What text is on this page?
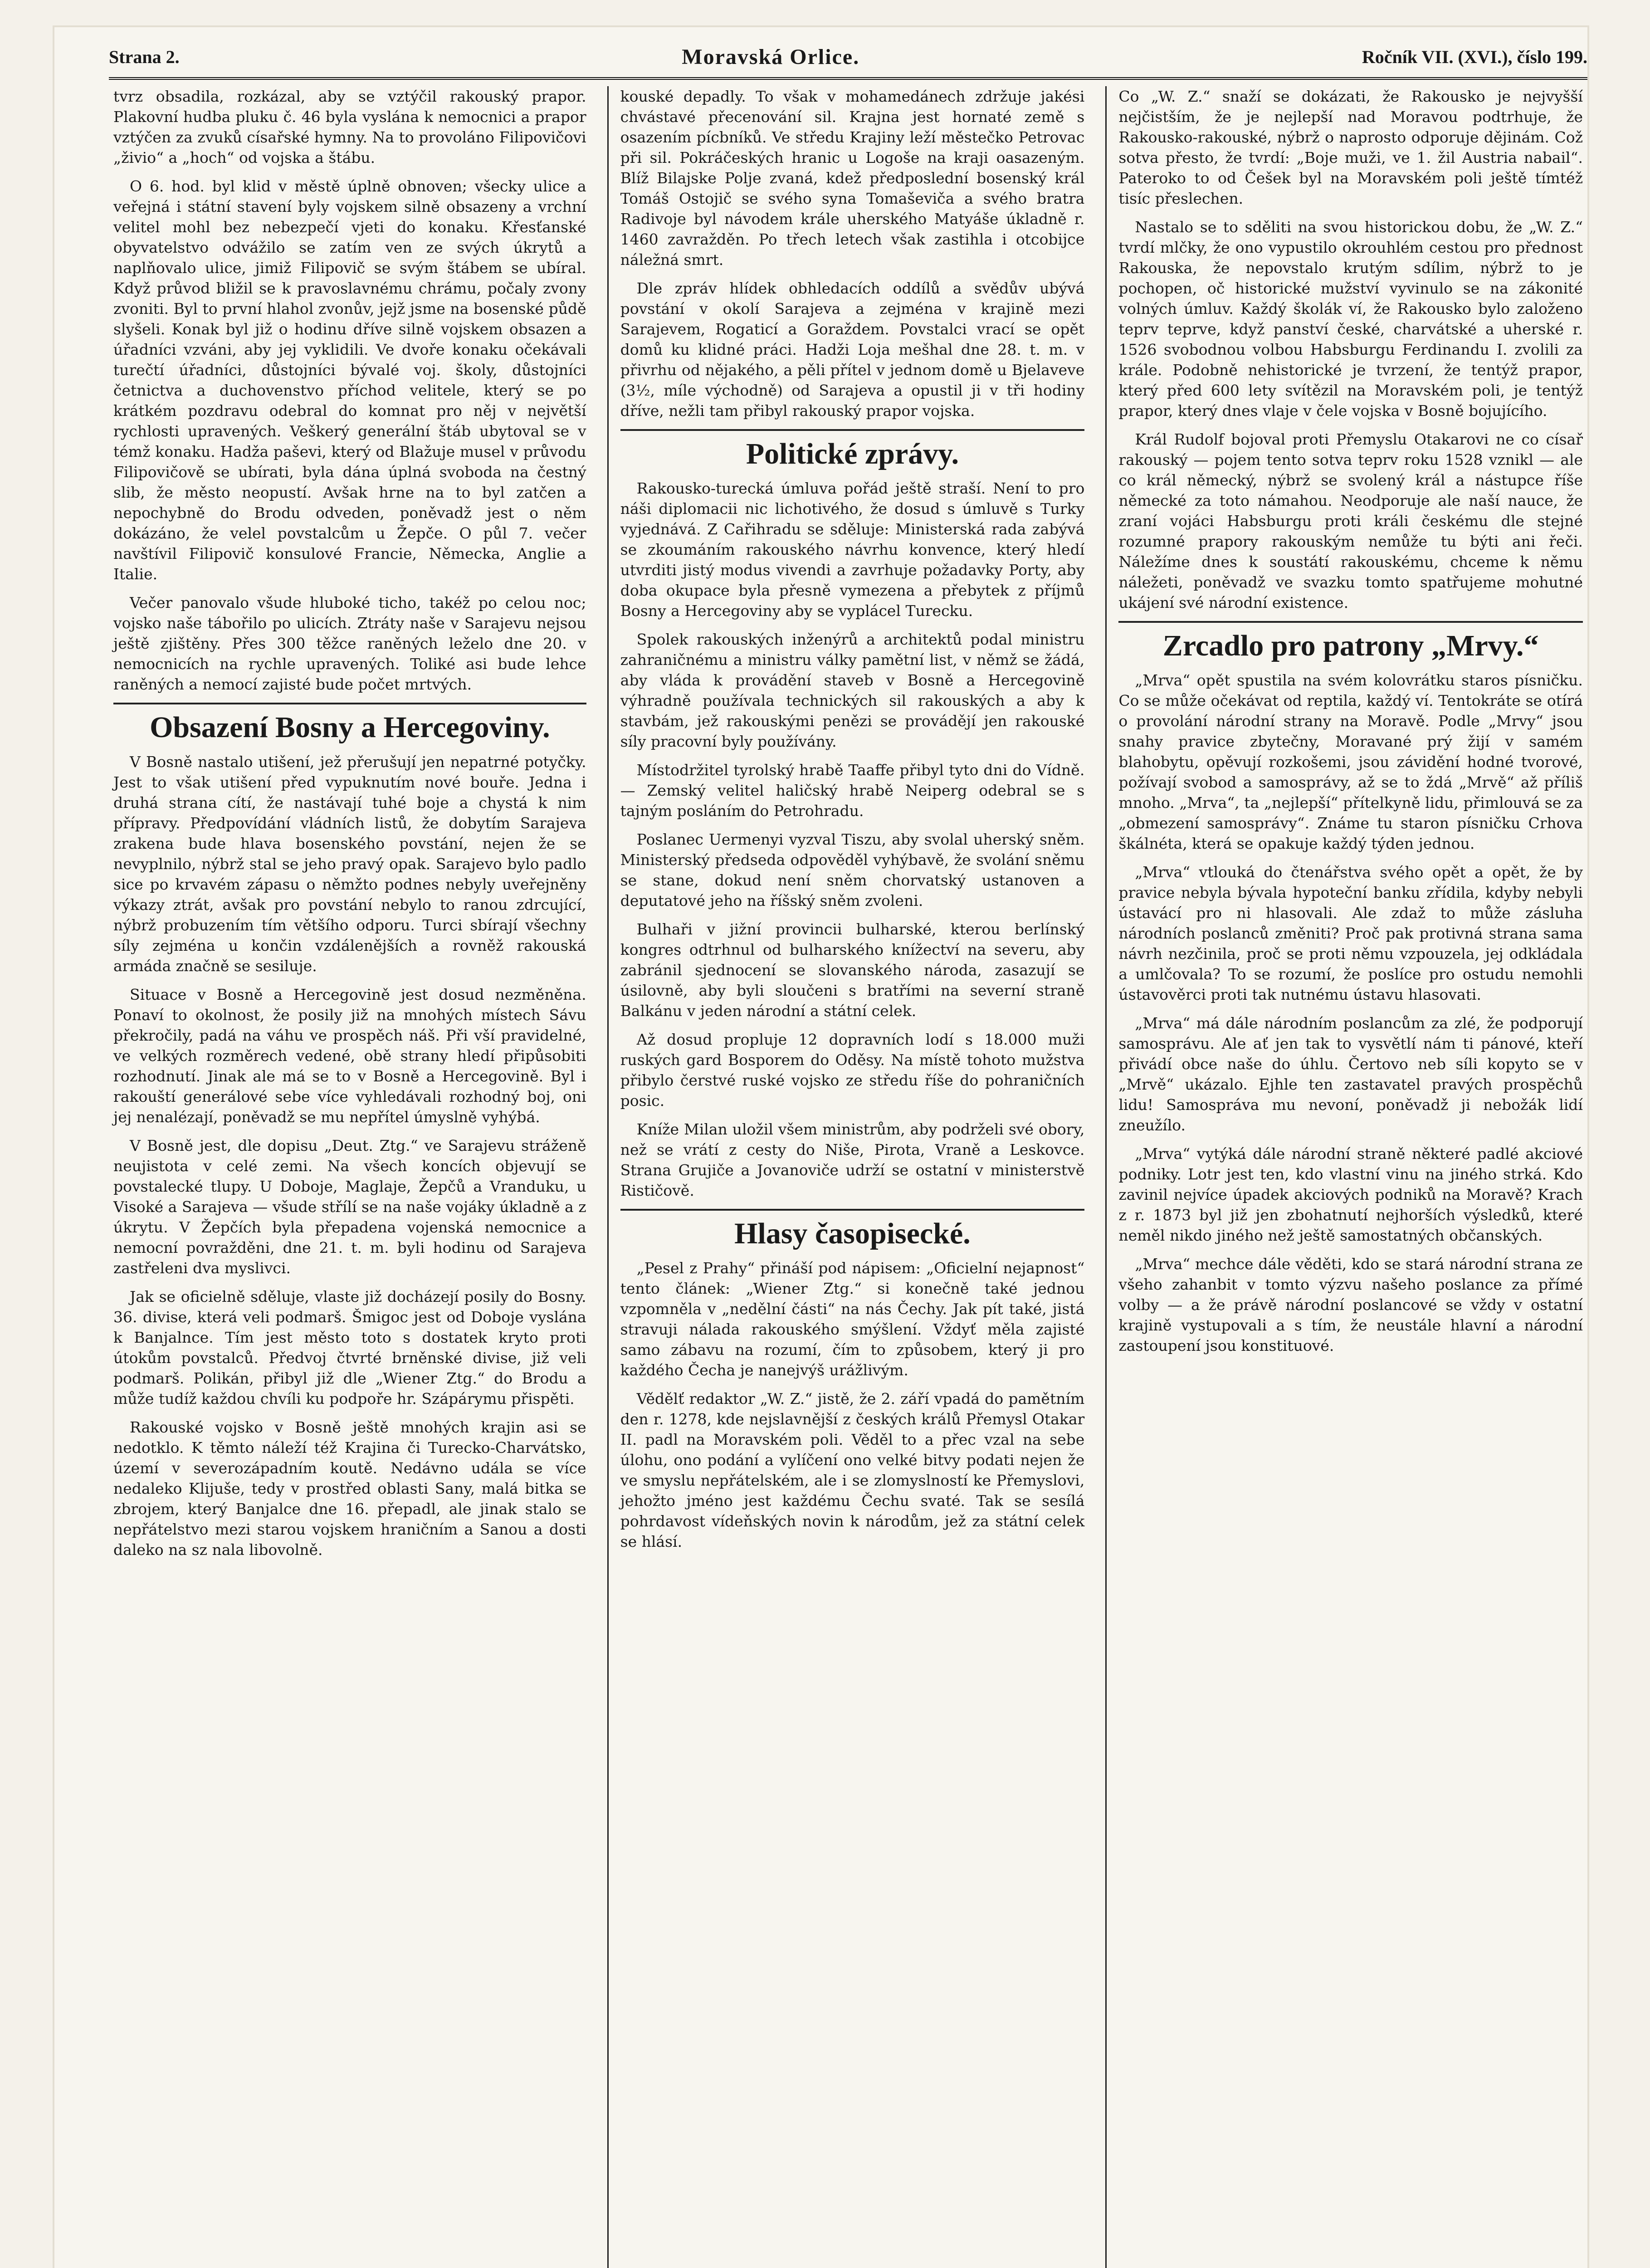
Strana 2.	Moravská Orlice.	Ročník VII. (XVI.), číslo 199.

tvrz obsadila, rozkázal, aby se vztýčil rakouský prapor. Plakovní hudba pluku č. 46 byla vyslána k nemocnici a prapor vztýčen za zvuků císařské hymny. Na to provoláno Filipovičovi „živio“ a „hoch“ od vojska a štábu.

O 6. hod. byl klid v městě úplně obnoven; všecky ulice a veřejná i státní stavení byly vojskem silně obsazeny a vrchní velitel mohl bez nebezpečí vjeti do konaku. Křesťanské obyvatelstvo odvážilo se zatím ven ze svých úkrytů a naplňovalo ulice, jimiž Filipovič se svým štábem se ubíral. Když průvod bližil se k pravoslavnému chrámu, počaly zvony zvoniti. Byl to první hlahol zvonův, jejž jsme na bosenské půdě slyšeli. Konak byl již o hodinu dříve silně vojskem obsazen a úřadníci vzváni, aby jej vyklidili. Ve dvoře konaku očekávali turečtí úřadníci, důstojníci bývalé voj. školy, důstojníci četnictva a duchovenstvo příchod velitele, který se po krátkém pozdravu odebral do komnat pro něj v největší rychlosti upravených. Veškerý generální štáb ubytoval se v témž konaku. Hadža paševi, který od Blažuje musel v průvodu Filipovičově se ubírati, byla dána úplná svoboda na čestný slib, že město neopustí. Avšak hrne na to byl zatčen a nepochybně do Brodu odveden, poněvadž jest o něm dokázáno, že velel povstalcům u Žepče. O půl 7. večer navštívil Filipovič konsulové Francie, Německa, Anglie a Italie.

Večer panovalo všude hluboké ticho, takéž po celou noc; vojsko naše tábořilo po ulicích. Ztráty naše v Sarajevu nejsou ještě zjištěny. Přes 300 těžce raněných leželo dne 20. v nemocnicích na rychle upravených. Toliké asi bude lehce raněných a nemocí zajisté bude počet mrtvých.

Obsazení Bosny a Hercegoviny.

V Bosně nastalo utišení, jež přerušují jen nepatrné potyčky. Jest to však utišení před vypuknutím nové bouře. Jedna i druhá strana cítí, že nastávají tuhé boje a chystá k nim přípravy. Předpovídání vládních listů, že dobytím Sarajeva zrakena bude hlava bosenského povstání, nejen že se nevyplnilo, nýbrž stal se jeho pravý opak. Sarajevo bylo padlo sice po krvavém zápasu o němžto podnes nebyly uveřejněny výkazy ztrát, avšak pro povstání nebylo to ranou zdrcující, nýbrž probuzením tím většího odporu. Turci sbírají všechny síly zejména u končin vzdálenějších a rovněž rakouská armáda značně se sesiluje.

Situace v Bosně a Hercegovině jest dosud nezměněna. Ponaví to okolnost, že posily již na mnohých místech Sávu překročily, padá na váhu ve prospěch náš. Při vší pravidelné, ve velkých rozměrech vedené, obě strany hledí připůsobiti rozhodnutí. Jinak ale má se to v Bosně a Hercegovině. Byl i rakouští generálové sebe více vyhledávali rozhodný boj, oni jej nenalézají, poněvadž se mu nepřítel úmyslně vyhýbá.

V Bosně jest, dle dopisu „Deut. Ztg.“ ve Sarajevu stráženě neujistota v celé zemi. Na všech koncích objevují se povstalecké tlupy. U Doboje, Maglaje, Žepčů a Vranduku, u Visoké a Sarajeva — všude střílí se na naše vojáky úkladně a z úkrytu. V Žepčích byla přepadena vojenská nemocnice a nemocní povražděni, dne 21. t. m. byli hodinu od Sarajeva zastřeleni dva myslivci.

Jak se oficielně sděluje, vlaste již docházejí posily do Bosny. 36. divise, která veli podmarš. Šmigoc jest od Doboje vyslána k Banjalnce. Tím jest město toto s dostatek kryto proti útokům povstalců. Předvoj čtvrté brněnské divise, již veli podmarš. Polikán, přibyl již dle „Wiener Ztg.“ do Brodu a může tudíž každou chvíli ku podpoře hr. Szápárymu přispěti.

Rakouské vojsko v Bosně ještě mnohých krajin asi se nedotklo. K těmto náleží též Krajina či Turecko-Charvátsko, území v severozápadním koutě. Nedávno udála se více nedaleko Klijuše, tedy v prostřed oblasti Sany, malá bitka se zbrojem, který Banjalce dne 16. přepadl, ale jinak stalo se nepřátelstvo mezi starou vojskem hraničním a Sanou a dosti daleko na sz nala libovolně.

kouské depadly. To však v mohamedánech zdržuje jakési chvástavé přecenování sil. Krajna jest hornaté země s osazením pícbníků. Ve středu Krajiny leží městečko Petrovac při sil. Pokráčeských hranic u Logoše na kraji oasazeným. Blíž Bilajske Polje zvaná, kdež předposlední bosenský král Tomáš Ostojič se svého syna Tomaševiča a svého bratra Radivoje byl návodem krále uherského Matyáše úkladně r. 1460 zavražděn. Po třech letech však zastihla i otcobijce náležná smrt.

Dle zpráv hlídek obhledacích oddílů a svědův ubývá povstání v okolí Sarajeva a zejména v krajině mezi Sarajevem, Rogaticí a Goraždem. Povstalci vrací se opět domů ku klidné práci. Hadži Loja mešhal dne 28. t. m. v přivrhu od nějakého, a pěli přítel v jednom domě u Bjelaveve (3½, míle východně) od Sarajeva a opustil ji v tři hodiny dříve, nežli tam přibyl rakouský prapor vojska.

Politické zprávy.

Rakousko-turecká úmluva pořád ještě straší. Není to pro náši diplomacii nic lichotivého, že dosud s úmluvě s Turky vyjednává. Z Cařihradu se sděluje: Ministerská rada zabývá se zkoumáním rakouského návrhu konvence, který hledí utvrditi jistý modus vivendi a zavrhuje požadavky Porty, aby doba okupace byla přesně vymezena a přebytek z příjmů Bosny a Hercegoviny aby se vyplácel Turecku.

Spolek rakouských inženýrů a architektů podal ministru zahraničnému a ministru války pamětní list, v němž se žádá, aby vláda k provádění staveb v Bosně a Hercegovině výhradně používala technických sil rakouských a aby k stavbám, jež rakouskými penězi se provádějí jen rakouské síly pracovní byly používány.

Místodržitel tyrolský hrabě Taaffe přibyl tyto dni do Vídně. — Zemský velitel haličský hrabě Neiperg odebral se s tajným posláním do Petrohradu.

Poslanec Uermenyi vyzval Tiszu, aby svolal uherský sněm. Ministerský předseda odpověděl vyhýbavě, že svolání sněmu se stane, dokud není sněm chorvatský ustanoven a deputatové jeho na říšský sněm zvoleni.

Bulhaři v jižní provincii bulharské, kterou berlínský kongres odtrhnul od bulharského knížectví na severu, aby zabránil sjednocení se slovanského národa, zasazují se úsilovně, aby byli sloučeni s bratřími na severní straně Balkánu v jeden národní a státní celek.

Až dosud propluje 12 dopravních lodí s 18.000 muži ruských gard Bosporem do Oděsy. Na místě tohoto mužstva přibylo čerstvé ruské vojsko ze středu říše do pohraničních posic.

Kníže Milan uložil všem ministrům, aby podrželi své obory, než se vrátí z cesty do Niše, Pirota, Vraně a Leskovce. Strana Grujiče a Jovanoviče udrží se ostatní v ministerstvě Rističově.

Hlasy časopisecké.

„Pesel z Prahy“ přináší pod nápisem: „Oficielní nejapnost“ tento článek: „Wiener Ztg.“ si konečně také jednou vzpomněla v „nedělní části“ na nás Čechy. Jak pít také, jistá stravuji nálada rakouského smýšlení. Vždyť měla zajisté samo zábavu na rozumí, čím to způsobem, který ji pro každého Čecha je nanejvýš urážlivým.

Vědělť redaktor „W. Z.“ jistě, že 2. září vpadá do pamětním den r. 1278, kde nejslavnější z českých králů Přemysl Otakar II. padl na Moravském poli. Věděl to a přec vzal na sebe úlohu, ono podání a vylíčení ono velké bitvy podati nejen že ve smyslu nepřátelském, ale i se zlomyslností ke Přemyslovi, jehožto jméno jest každému Čechu svaté. Tak se sesílá pohrdavost vídeňských novin k národům, jež za státní celek se hlásí.

Co „W. Z.“ snaží se dokázati, že Rakousko je nejvyšší nejčistším, že je nejlepší nad Moravou podtrhuje, že Rakousko-rakouské, nýbrž o naprosto odporuje dějinám. Což sotva přesto, že tvrdí: „Boje muži, ve 1. žil Austria nabail“. Pateroko to od Češek byl na Moravském poli ještě tímtéž tisíc přeslechen.

Nastalo se to sděliti na svou historickou dobu, že „W. Z.“ tvrdí mlčky, že ono vypustilo okrouhlém cestou pro přednost Rakouska, že nepovstalo krutým sdílim, nýbrž to je pochopen, oč historické mužství vyvinulo se na zákonité volných úmluv. Každý školák ví, že Rakousko bylo založeno teprv teprve, když panství české, charvátské a uherské r. 1526 svobodnou volbou Habsburgu Ferdinandu I. zvolili za krále. Podobně nehistorické je tvrzení, že tentýž prapor, který před 600 lety svítězil na Moravském poli, je tentýž prapor, který dnes vlaje v čele vojska v Bosně bojujícího.

Král Rudolf bojoval proti Přemyslu Otakarovi ne co císař rakouský — pojem tento sotva teprv roku 1528 vznikl — ale co král německý, nýbrž se svolený král a nástupce říše německé za toto námahou. Neodporuje ale naší nauce, že zraní vojáci Habsburgu proti králi českému dle stejné rozumné prapory rakouským nemůže tu býti ani řeči. Náležíme dnes k soustátí rakouskému, chceme k němu náležeti, poněvadž ve svazku tomto spatřujeme mohutné ukájení své národní existence.

Zrcadlo pro patrony „Mrvy.“

„Mrva“ opět spustila na svém kolovrátku staros písničku. Co se může očekávat od reptila, každý ví. Tentokráte se otírá o provolání národní strany na Moravě. Podle „Mrvy“ jsou snahy pravice zbytečny, Moravané prý žijí v samém blahobytu, opěvují rozkošemi, jsou závidění hodné tvorové, požívají svobod a samosprávy, až se to ždá „Mrvě“ až příliš mnoho. „Mrva“, ta „nejlepší“ přítelkyně lidu, přimlouvá se za „obmezení samosprávy“. Známe tu staron písničku Crhova škálnéta, která se opakuje každý týden jednou.

„Mrva“ vtlouká do čtenářstva svého opět a opět, že by pravice nebyla bývala hypoteční banku zřídila, kdyby nebyli ústavácí pro ni hlasovali. Ale zdaž to může zásluha národních poslanců změniti? Proč pak protivná strana sama návrh nezčinila, proč se proti němu vzpouzela, jej odkládala a umlčovala? To se rozumí, že poslíce pro ostudu nemohli ústavověrci proti tak nutnému ústavu hlasovati.

„Mrva“ má dále národním poslancům za zlé, že podporují samosprávu. Ale ať jen tak to vysvětlí nám ti pánové, kteří přivádí obce naše do úhlu. Čertovo neb síli kopyto se v „Mrvě“ ukázalo. Ejhle ten zastavatel pravých prospěchů lidu! Samospráva mu nevoní, poněvadž ji nebožák lidí zneužílo.

„Mrva“ vytýká dále národní straně některé padlé akciové podniky. Lotr jest ten, kdo vlastní vinu na jiného strká. Kdo zavinil nejvíce úpadek akciových podniků na Moravě? Krach z r. 1873 byl již jen zbohatnutí nejhorších výsledků, které neměl nikdo jiného než ještě samostatných občanských.

„Mrva“ mechce dále věděti, kdo se stará národní strana ze všeho zahanbit v tomto výzvu našeho poslance za přímé volby — a že právě národní poslancové se vždy v ostatní krajině vystupovali a s tím, že neustále hlavní a národní zastoupení jsou konstituové.
